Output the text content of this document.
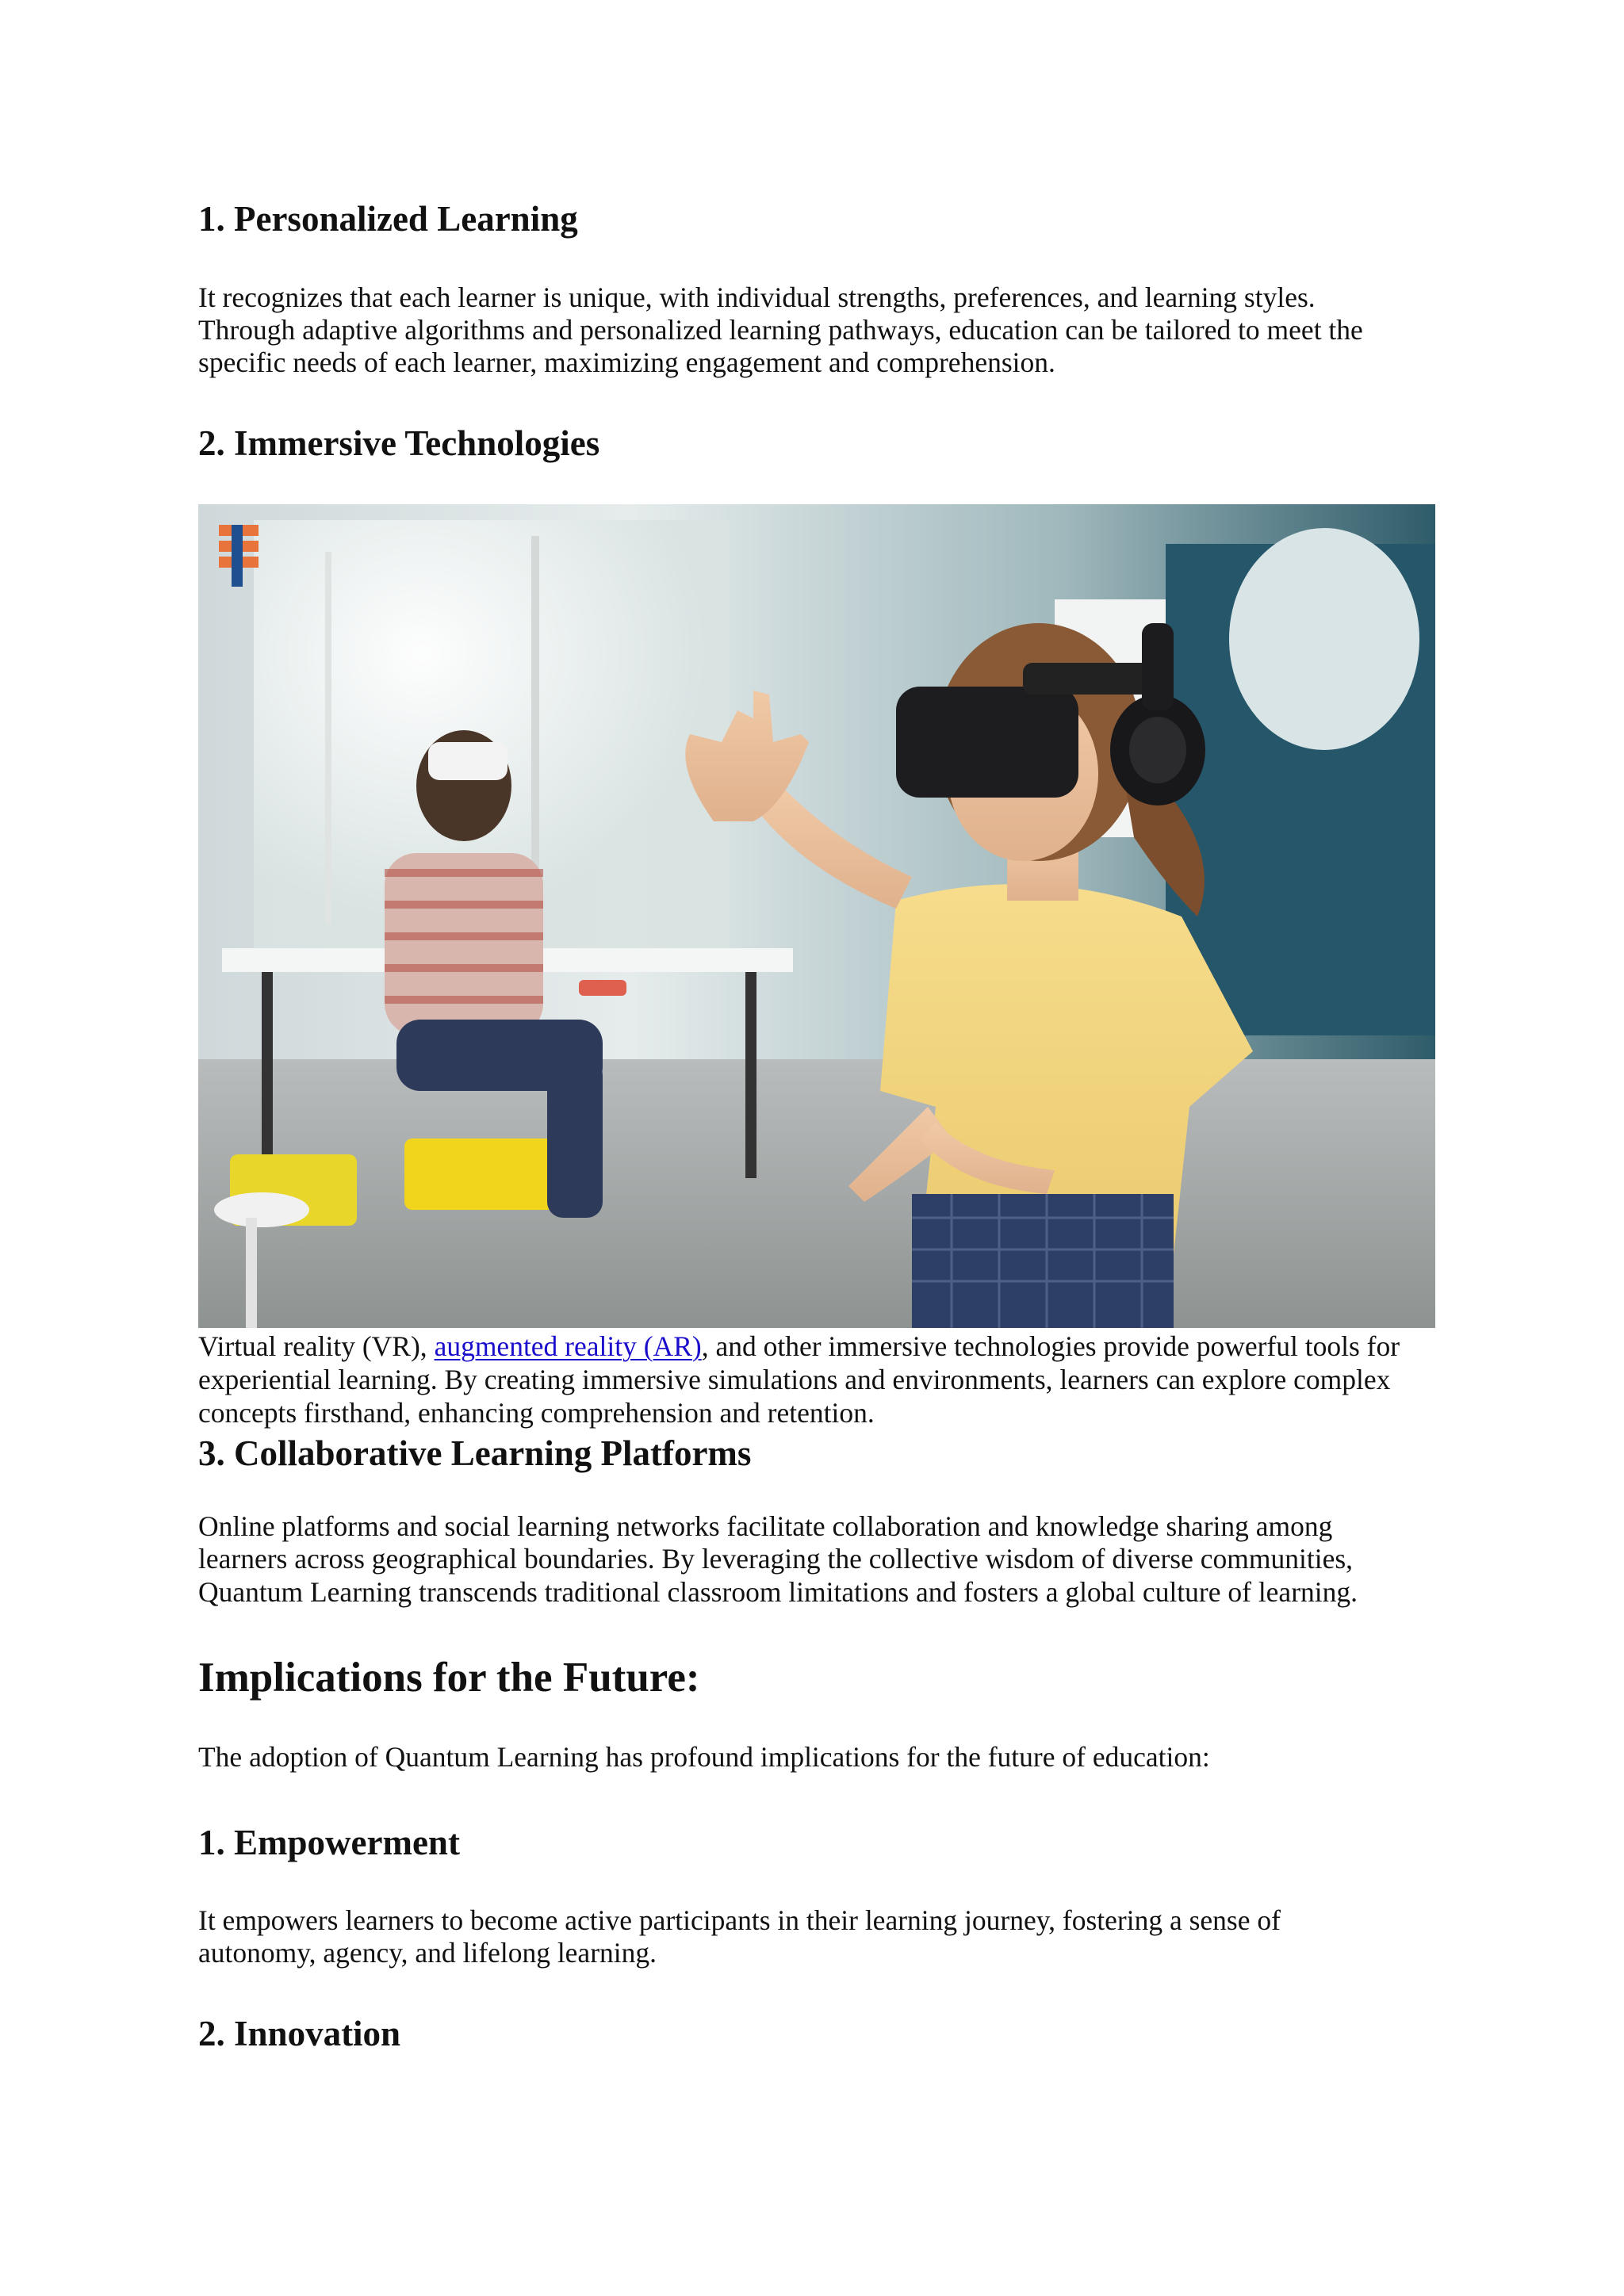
1. Personalized Learning

It recognizes that each learner is unique, with individual strengths, preferences, and learning styles.

Through adaptive algorithms and personalized learning pathways, education can be tailored to meet the

specific needs of each learner, maximizing engagement and comprehension.

2. Immersive Technologies

Virtual reality (VR), augmented reality (AR), and other immersive technologies provide powerful tools for

experiential learning. By creating immersive simulations and environments, learners can explore complex

concepts firsthand, enhancing comprehension and retention.

3. Collaborative Learning Platforms

Online platforms and social learning networks facilitate collaboration and knowledge sharing among

learners across geographical boundaries. By leveraging the collective wisdom of diverse communities,

Quantum Learning transcends traditional classroom limitations and fosters a global culture of learning.

Implications for the Future:

The adoption of Quantum Learning has profound implications for the future of education:

1. Empowerment

It empowers learners to become active participants in their learning journey, fostering a sense of

autonomy, agency, and lifelong learning.

2. Innovation
